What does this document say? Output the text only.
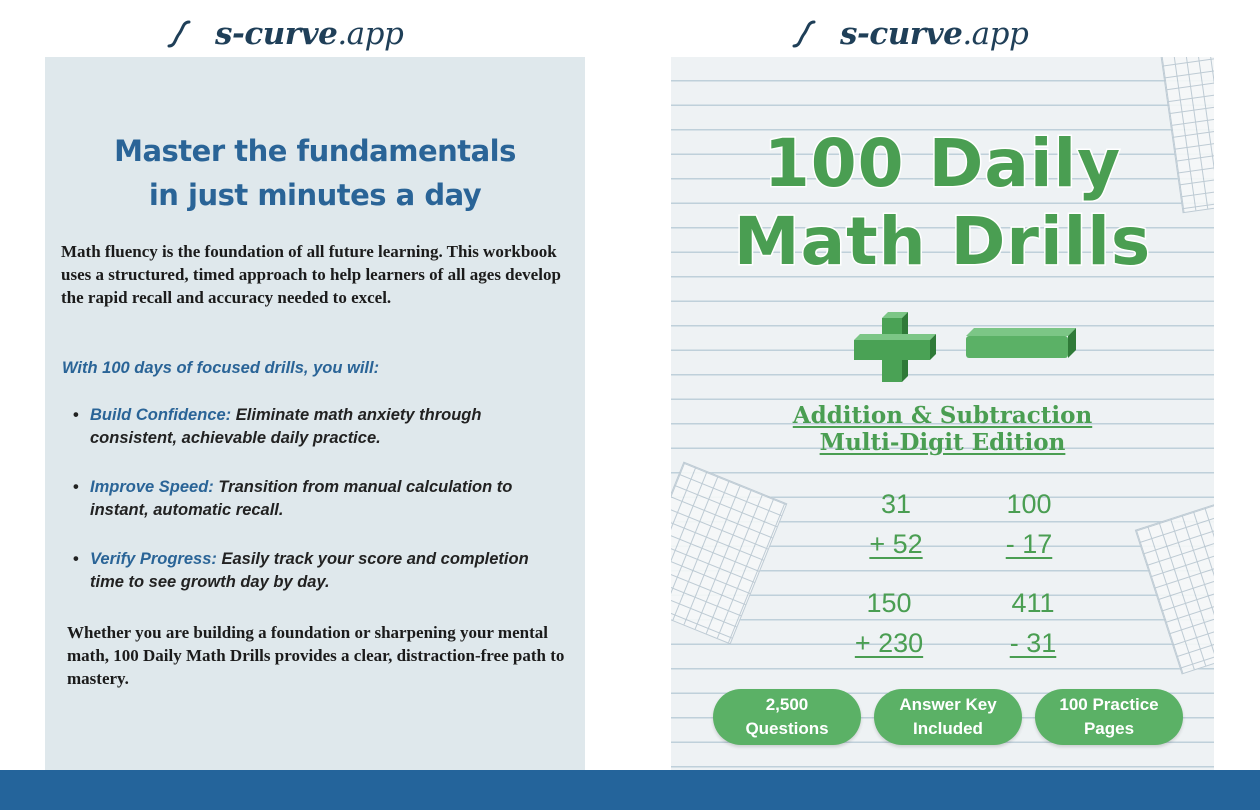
s-curve.app	s-curve.app
Master the fundamentals
in just minutes a day
Math fluency is the foundation of all future learning. This workbook uses a structured, timed approach to help learners of all ages develop the rapid recall and accuracy needed to excel.
With 100 days of focused drills, you will:
• Build Confidence: Eliminate math anxiety through consistent, achievable daily practice.
• Improve Speed: Transition from manual calculation to instant, automatic recall.
• Verify Progress: Easily track your score and completion time to see growth day by day.
Whether you are building a foundation or sharpening your mental math, 100 Daily Math Drills provides a clear, distraction-free path to mastery.
100 Daily
Math Drills
Addition & Subtraction
Multi-Digit Edition
31
+ 52
100
- 17
150
+ 230
411
- 31
2,500
Questions
Answer Key
Included
100 Practice
Pages
